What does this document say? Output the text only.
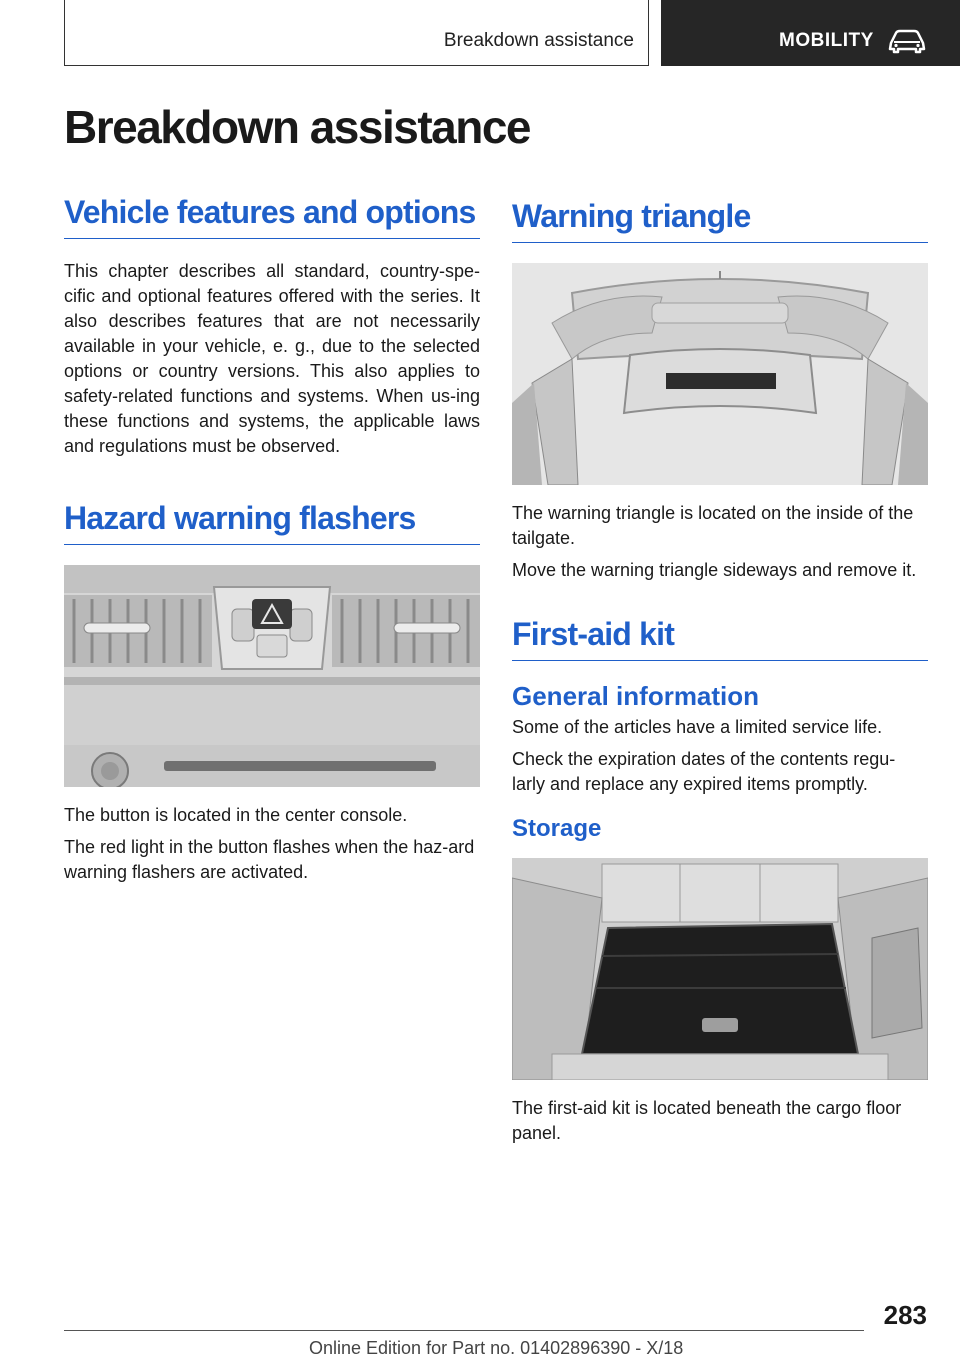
Breakdown assistance	MOBILITY
Breakdown assistance
Vehicle features and options

This chapter describes all standard, country-spe-cific and optional features offered with the series. It also describes features that are not necessarily available in your vehicle, e. g., due to the selected options or country versions. This also applies to safety-related functions and systems. When us-ing these functions and systems, the applicable laws and regulations must be observed.

Hazard warning flashers

The button is located in the center console.

The red light in the button flashes when the haz-ard warning flashers are activated.

Warning triangle

The warning triangle is located on the inside of the tailgate.

Move the warning triangle sideways and remove it.

First-aid kit
General information

Some of the articles have a limited service life.

Check the expiration dates of the contents regu-larly and replace any expired items promptly.

Storage

The first-aid kit is located beneath the cargo floor panel.

283
Online Edition for Part no. 01402896390 - X/18
